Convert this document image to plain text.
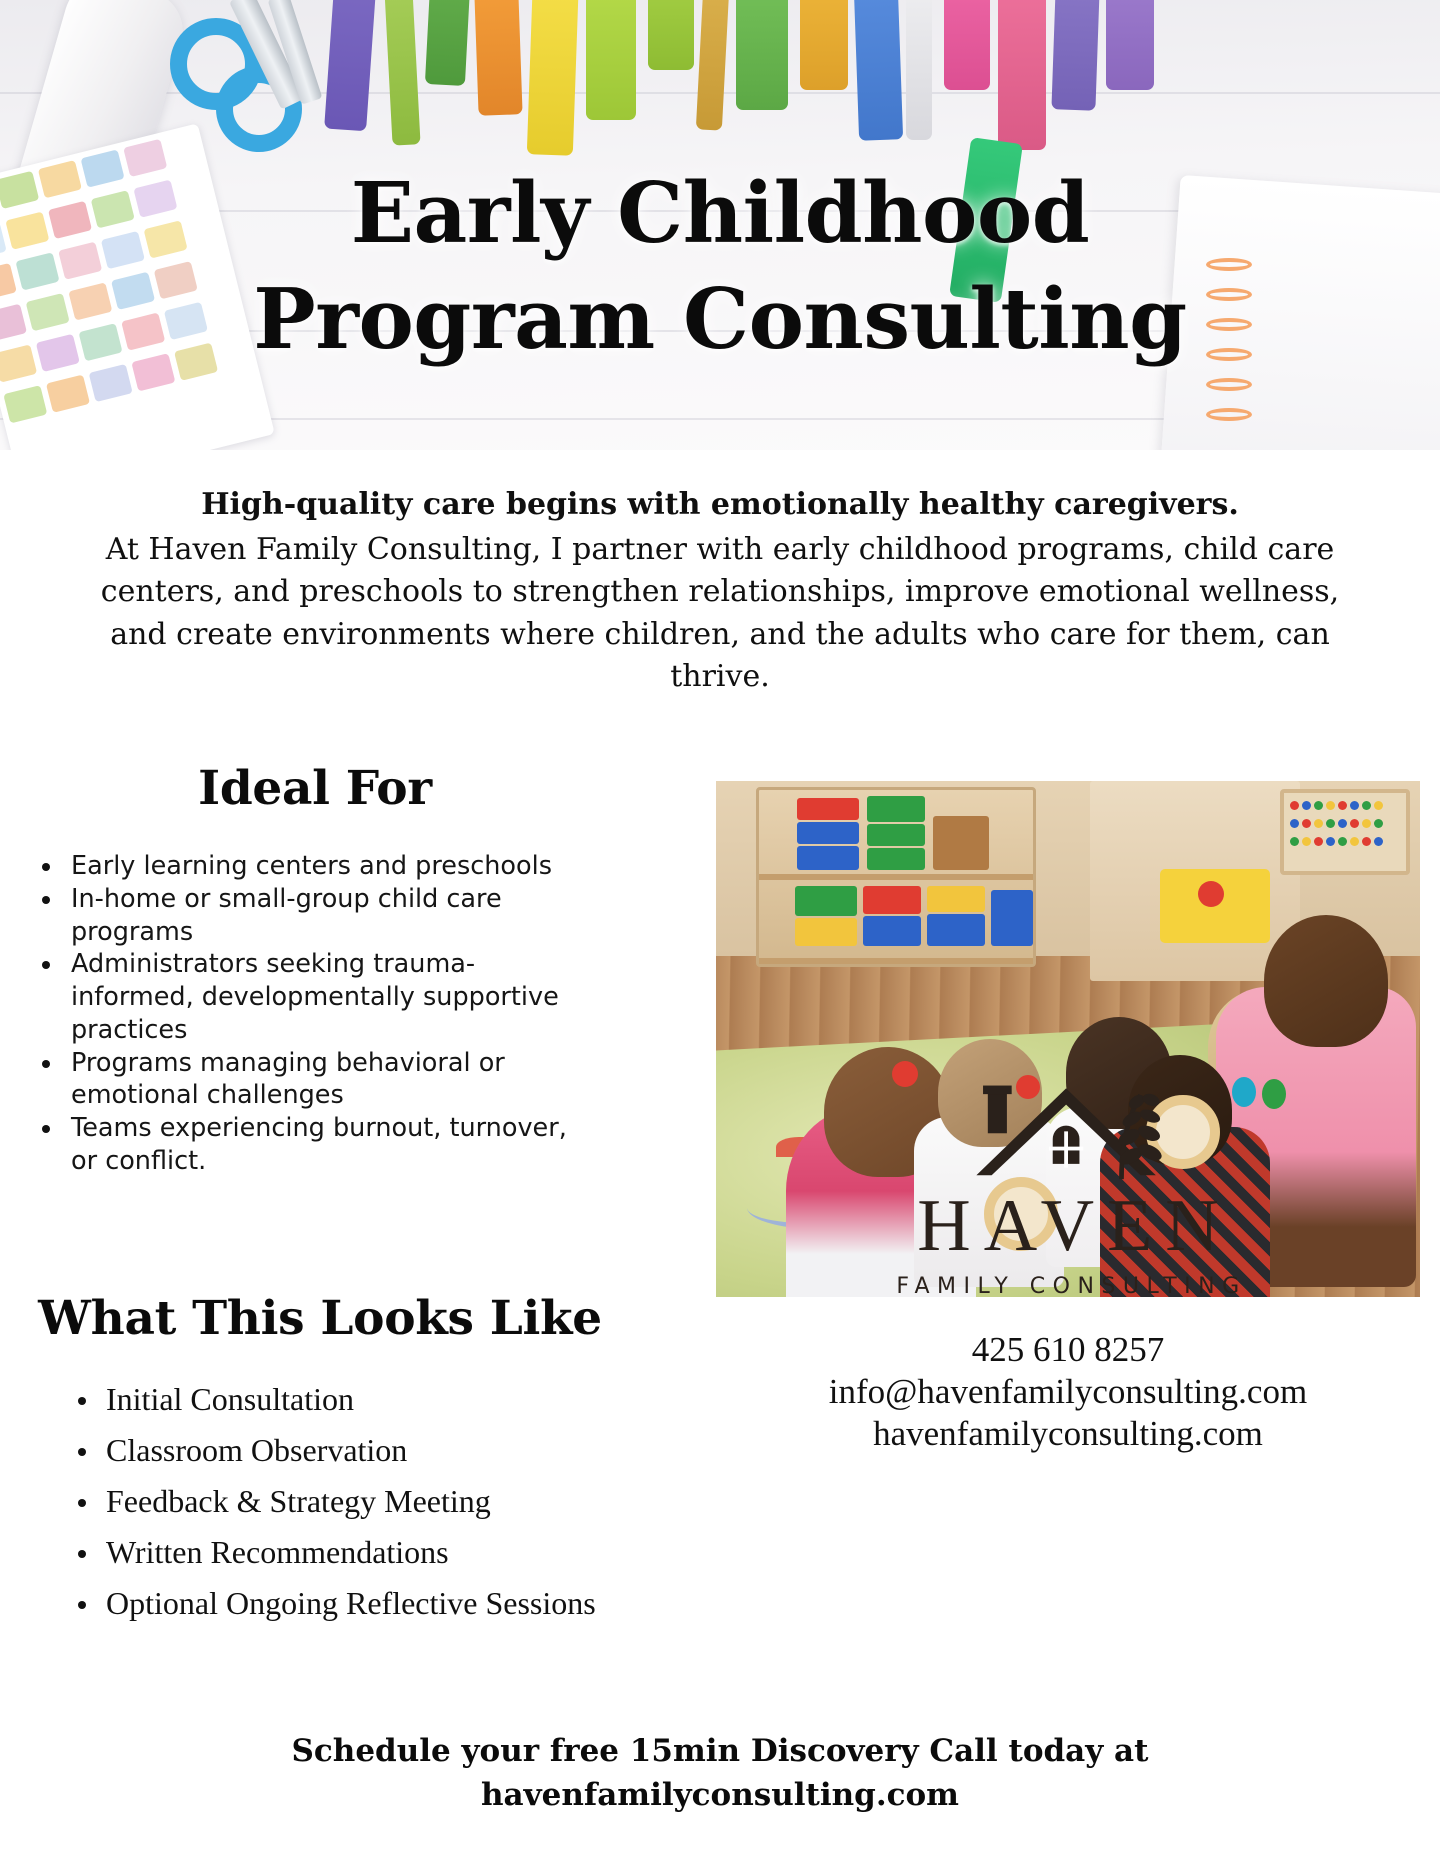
Early Childhood
Program Consulting
High-quality care begins with emotionally healthy caregivers.
At Haven Family Consulting, I partner with early childhood programs, child care centers, and preschools to strengthen relationships, improve emotional wellness, and create environments where children, and the adults who care for them, can thrive.
Ideal For
Early learning centers and preschools
In-home or small-group child care programs
Administrators seeking trauma-informed, developmentally supportive practices
Programs managing behavioral or emotional challenges
Teams experiencing burnout, turnover, or conflict.
What This Looks Like
Initial Consultation
Classroom Observation
Feedback & Strategy Meeting
Written Recommendations
Optional Ongoing Reflective Sessions
HAVEN
FAMILY CONSULTING
425 610 8257
info@havenfamilyconsulting.com
havenfamilyconsulting.com
Schedule your free 15min Discovery Call today at
havenfamilyconsulting.com
